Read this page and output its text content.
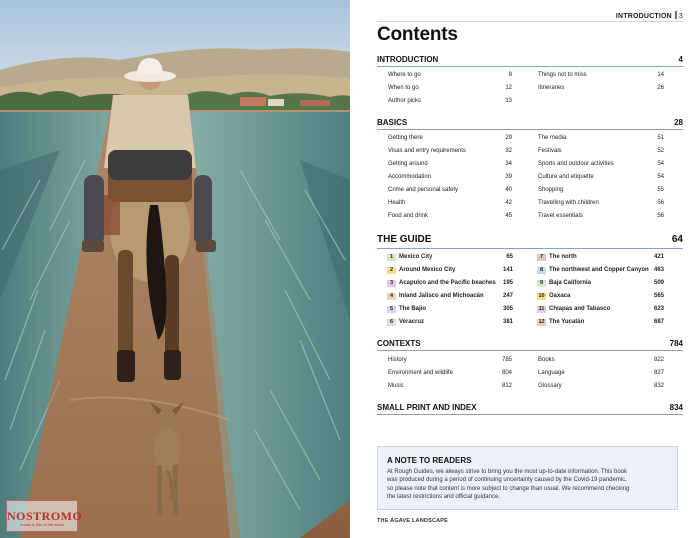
NOSTROMO
books & bits of the world
INTRODUCTION 3
Contents
INTRODUCTION	4
Where to go	8
When to go	12
Author picks	13
Things not to miss	14
Itineraries	26
BASICS	28
Getting there	29
Visas and entry requirements	32
Getting around	34
Accommodation	39
Crime and personal safety	40
Health	42
Food and drink	45
The media	51
Festivals	52
Sports and outdoor activities	54
Culture and etiquette	54
Shopping	55
Travelling with children	56
Travel essentials	56
THE GUIDE	64
1 Mexico City	65
2 Around Mexico City	141
3 Acapulco and the Pacific beaches 195
4 Inland Jalisco and Michoacán	247
5 The Bajío	305
6 Veracruz	381
7 The north	421
8 The northwest and Copper Canyon 463
9 Baja California	509
10 Oaxaca	565
11 Chiapas and Tabasco	623
12 The Yucatán	687
CONTEXTS	784
History	785
Environment and wildlife	804
Music	812
Books	822
Language	827
Glossary	832
SMALL PRINT AND INDEX	834
A NOTE TO READERS
At Rough Guides, we always strive to bring you the most up-to-date information. This book
was produced during a period of continuing uncertainty caused by the Covid-19 pandemic,
so please note that content is more subject to change than usual. We recommend checking
the latest restrictions and official guidance.
THE AGAVE LANDSCAPE
